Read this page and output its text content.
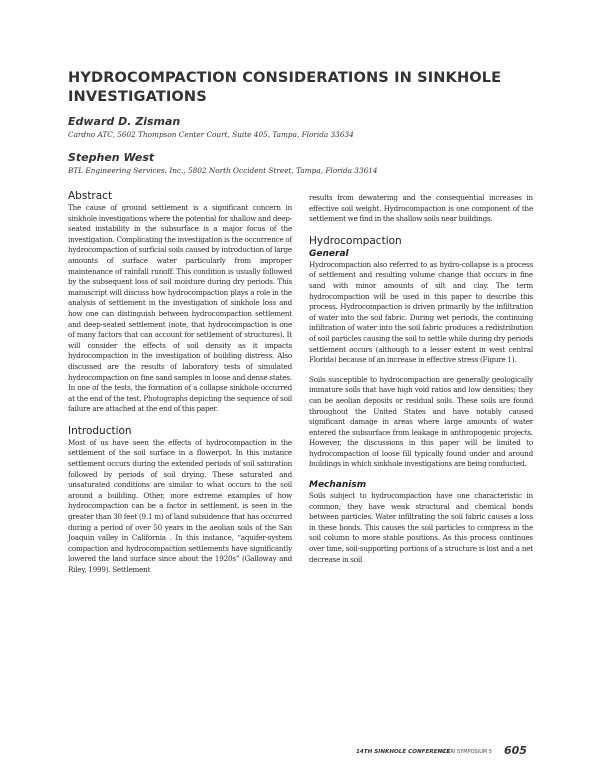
HYDROCOMPACTION CONSIDERATIONS IN SINKHOLE INVESTIGATIONS
Edward D. Zisman
Cardno ATC, 5602 Thompson Center Court, Suite 405, Tampa, Florida 33634
Stephen West
BTL Engineering Services, Inc., 5802 North Occident Street, Tampa, Florida 33614
Abstract

The cause of ground settlement is a significant concern in sinkhole investigations where the potential for shallow and deep-seated instability in the subsurface is a major focus of the investigation. Complicating the investigation is the occurrence of hydrocompaction of surficial soils caused by introduction of large amounts of surface water particularly from improper maintenance of rainfall runoff. This condition is usually followed by the subsequent loss of soil moisture during dry periods. This manuscript will discuss how hydrocompaction plays a role in the analysis of settlement in the investigation of sinkhole loss and how one can distinguish between hydrocompaction settlement and deep-seated settlement (note, that hydrocompaction is one of many factors that can account for settlement of structures). It will consider the effects of soil density as it impacts hydrocompaction in the investigation of building distress. Also discussed are the results of laboratory tests of simulated hydrocompaction on fine sand samples in loose and dense states. In one of the tests, the formation of a collapse sinkhole occurred at the end of the test. Photographs depicting the sequence of soil failure are attached at the end of this paper.

Introduction

Most of us have seen the effects of hydrocompaction in the settlement of the soil surface in a flowerpot. In this instance settlement occurs during the extended periods of soil saturation followed by periods of soil drying. These saturated and unsaturated conditions are similar to what occurs to the soil around a building. Other, more extreme examples of how hydrocompaction can be a factor in settlement, is seen in the greater than 30 feet (9.1 m) of land subsidence that has occurred during a period of over 50 years in the aeolian soils of the San Joaquin valley in California . In this instance, “aquifer-system compaction and hydrocompaction settlements have significantly lowered the land surface since about the 1920s” (Galloway and Riley, 1999). Settlement

results from dewatering and the consequential increases in effective soil weight. Hydrocompaction is one component of the settlement we find in the shallow soils near buildings.

Hydrocompaction
General

Hydrocompaction also referred to as hydro-collapse is a process of settlement and resulting volume change that occurs in fine sand with minor amounts of silt and clay. The term hydrocompaction will be used in this paper to describe this process. Hydrocompaction is driven primarily by the infiltration of water into the soil fabric. During wet periods, the continuing infiltration of water into the soil fabric produces a redistribution of soil particles causing the soil to settle while during dry periods settlement occurs (although to a lesser extent in west central Florida) because of an increase in effective stress (Figure 1).

Soils susceptible to hydrocompaction are generally geologically immature soils that have high void ratios and low densities; they can be aeolian deposits or residual soils. These soils are found throughout the United States and have notably caused significant damage in areas where large amounts of water entered the subsurface from leakage in anthropogenic projects. However, the discussions in this paper will be limited to hydrocompaction of loose fill typically found under and around buildings in which sinkhole investigations are being conducted.

Mechanism

Soils subject to hydrocompaction have one characteristic in common; they have weak structural and chemical bonds between particles. Water infiltrating the soil fabric causes a loss in these bonds. This causes the soil particles to compress in the soil column to more stable positions. As this process continues over time, soil-supporting portions of a structure is lost and a net decrease in soil

14TH SINKHOLE CONFERENCE
NCKRI SYMPOSIUM 5 605
